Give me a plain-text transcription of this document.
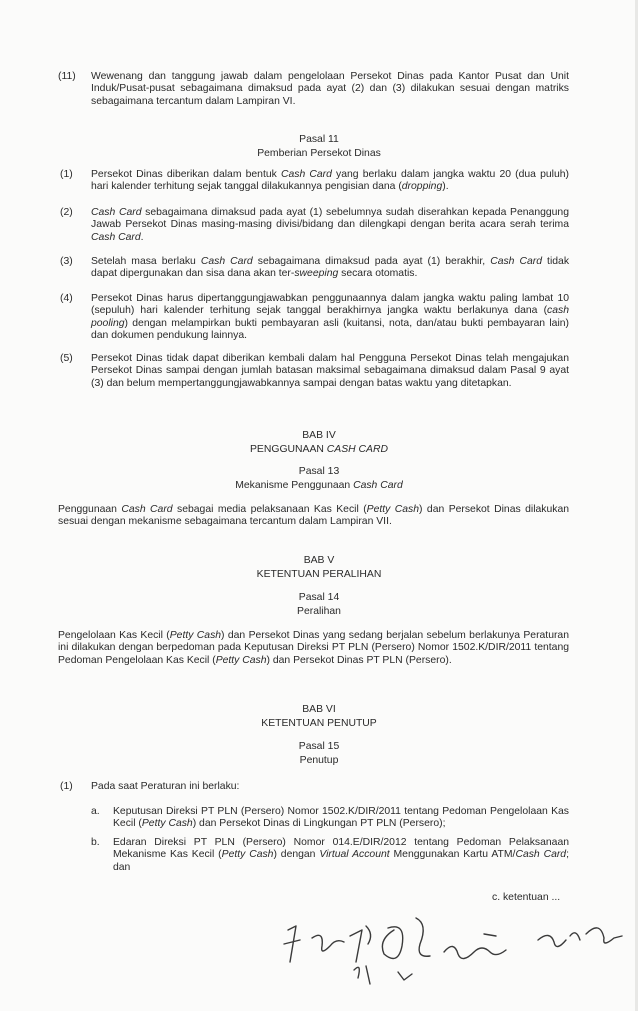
(11) Wewenang dan tanggung jawab dalam pengelolaan Persekot Dinas pada Kantor Pusat dan Unit Induk/Pusat-pusat sebagaimana dimaksud pada ayat (2) dan (3) dilakukan sesuai dengan matriks sebagaimana tercantum dalam Lampiran VI.
Pasal 11
Pemberian Persekot Dinas
(1) Persekot Dinas diberikan dalam bentuk Cash Card yang berlaku dalam jangka waktu 20 (dua puluh) hari kalender terhitung sejak tanggal dilakukannya pengisian dana (dropping).
(2) Cash Card sebagaimana dimaksud pada ayat (1) sebelumnya sudah diserahkan kepada Penanggung Jawab Persekot Dinas masing-masing divisi/bidang dan dilengkapi dengan berita acara serah terima Cash Card.
(3) Setelah masa berlaku Cash Card sebagaimana dimaksud pada ayat (1) berakhir, Cash Card tidak dapat dipergunakan dan sisa dana akan ter-sweeping secara otomatis.
(4) Persekot Dinas harus dipertanggungjawabkan penggunaannya dalam jangka waktu paling lambat 10 (sepuluh) hari kalender terhitung sejak tanggal berakhirnya jangka waktu berlakunya dana (cash pooling) dengan melampirkan bukti pembayaran asli (kuitansi, nota, dan/atau bukti pembayaran lain) dan dokumen pendukung lainnya.
(5) Persekot Dinas tidak dapat diberikan kembali dalam hal Pengguna Persekot Dinas telah mengajukan Persekot Dinas sampai dengan jumlah batasan maksimal sebagaimana dimaksud dalam Pasal 9 ayat (3) dan belum mempertanggungjawabkannya sampai dengan batas waktu yang ditetapkan.
BAB IV
PENGGUNAAN CASH CARD
Pasal 13
Mekanisme Penggunaan Cash Card
Penggunaan Cash Card sebagai media pelaksanaan Kas Kecil (Petty Cash) dan Persekot Dinas dilakukan sesuai dengan mekanisme sebagaimana tercantum dalam Lampiran VII.
BAB V
KETENTUAN PERALIHAN
Pasal 14
Peralihan
Pengelolaan Kas Kecil (Petty Cash) dan Persekot Dinas yang sedang berjalan sebelum berlakunya Peraturan ini dilakukan dengan berpedoman pada Keputusan Direksi PT PLN (Persero) Nomor 1502.K/DIR/2011 tentang Pedoman Pengelolaan Kas Kecil (Petty Cash) dan Persekot Dinas PT PLN (Persero).
BAB VI
KETENTUAN PENUTUP
Pasal 15
Penutup
(1) Pada saat Peraturan ini berlaku:
a. Keputusan Direksi PT PLN (Persero) Nomor 1502.K/DIR/2011 tentang Pedoman Pengelolaan Kas Kecil (Petty Cash) dan Persekot Dinas di Lingkungan PT PLN (Persero);
b. Edaran Direksi PT PLN (Persero) Nomor 014.E/DIR/2012 tentang Pedoman Pelaksanaan Mekanisme Kas Kecil (Petty Cash) dengan Virtual Account Menggunakan Kartu ATM/Cash Card; dan
c. ketentuan ...
